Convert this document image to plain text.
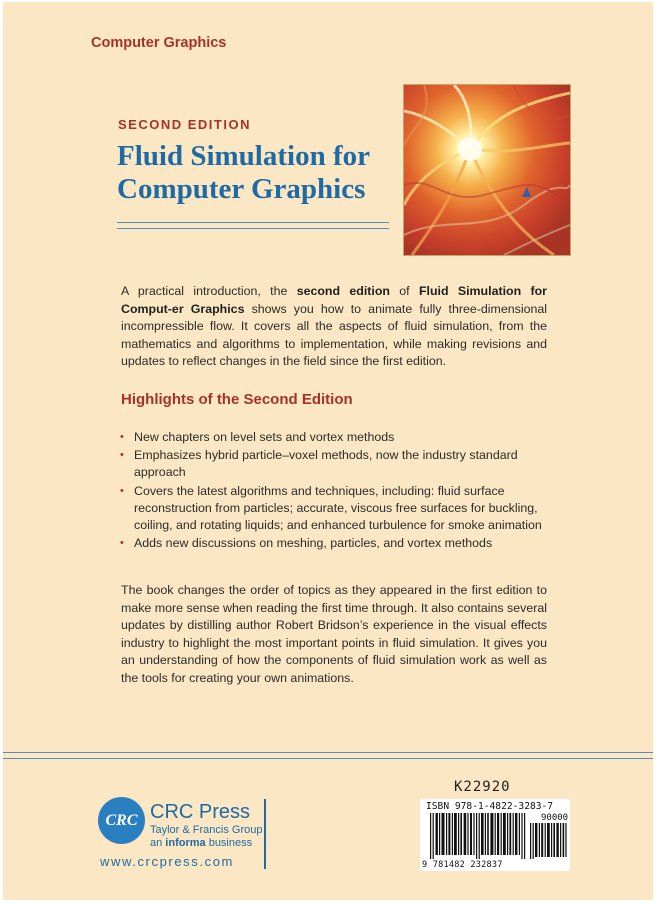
Computer Graphics
SECOND EDITION
Fluid Simulation for
Computer Graphics
A practical introduction, the second edition of Fluid Simulation for Comput-er Graphics shows you how to animate fully three-dimensional incompressible flow. It covers all the aspects of fluid simulation, from the mathematics and algorithms to implementation, while making revisions and updates to reflect changes in the field since the first edition.
Highlights of the Second Edition
• New chapters on level sets and vortex methods
• Emphasizes hybrid particle–voxel methods, now the industry standard approach
• Covers the latest algorithms and techniques, including: fluid surface reconstruction from particles; accurate, viscous free surfaces for buckling, coiling, and rotating liquids; and enhanced turbulence for smoke animation
• Adds new discussions on meshing, particles, and vortex methods
The book changes the order of topics as they appeared in the first edition to make more sense when reading the first time through. It also contains several updates by distilling author Robert Bridson’s experience in the visual effects industry to highlight the most important points in fluid simulation. It gives you an understanding of how the components of fluid simulation work as well as the tools for creating your own animations.
CRC CRC Press
Taylor & Francis Group
an informa business
www.crcpress.com
K22920
ISBN 978-1-4822-3283-7
90000
9 781482 232837
